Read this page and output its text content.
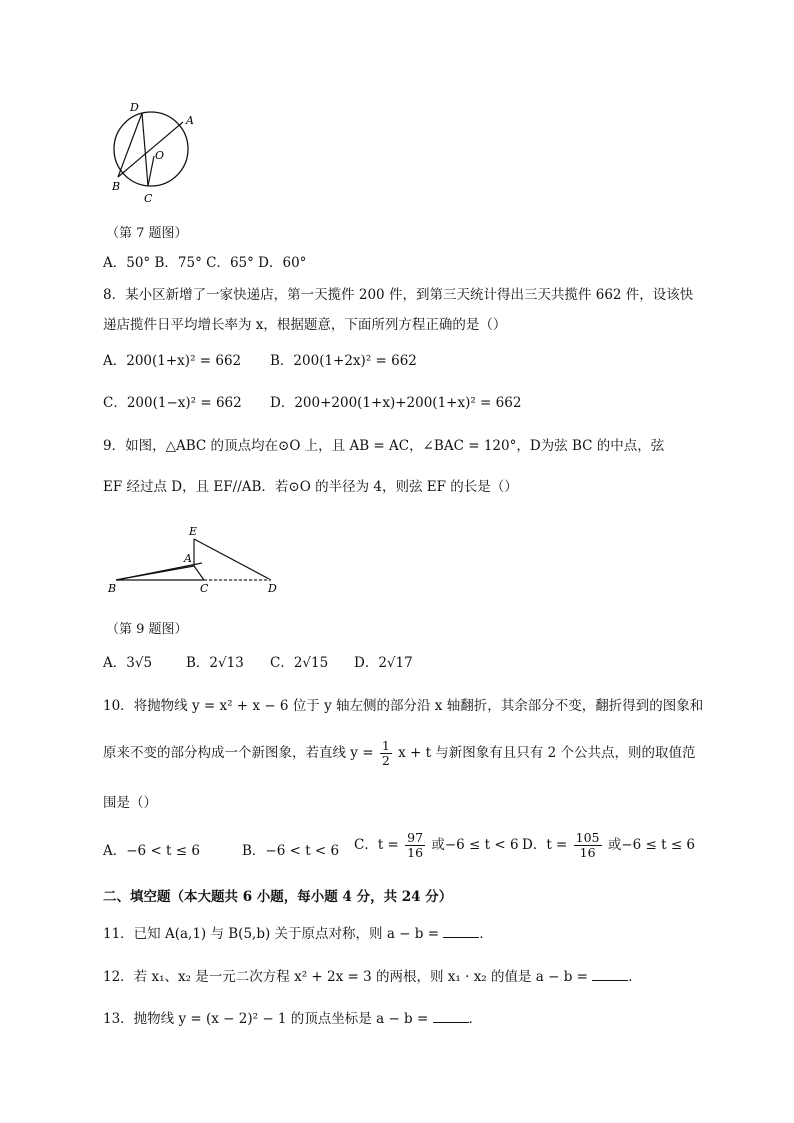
D
A
O
B
C
（第 7 题图）
A．50° B．75° C．65° D．60°
8．某小区新增了一家快递店，第一天揽件 200 件，到第三天统计得出三天共揽件 662 件，设该快
递店揽件日平均增长率为 x，根据题意，下面所列方程正确的是（）
A．200(1+x)² = 662 B．200(1+2x)² = 662
C．200(1−x)² = 662 D．200+200(1+x)+200(1+x)² = 662
9．如图，△ABC 的顶点均在⊙O 上，且 AB = AC，∠BAC = 120°，D为弦 BC 的中点，弦
EF 经过点 D，且 EF//AB．若⊙O 的半径为 4，则弦 EF 的长是（）
E
A
B	C	D
（第 9 题图）
A．3√5	B．2√13 C．2√15 D．2√17
10．将抛物线 y = x² + x − 6 位于 y 轴左侧的部分沿 x 轴翻折，其余部分不变，翻折得到的图象和
原来不变的部分构成一个新图象，若直线 $y = \frac{1}{2}$ x + t 与新图象有且只有 2 个公共点，则的取值范
围是（）
A．−6 < t ≤ 6	B．−6 < t < 6 C．$t = \frac{97}{16}$ 或−6 ≤ t < 6 D．$t = \frac{105}{16}$ 或−6 ≤ t ≤ 6
二、填空题（本大题共 6 小题，每小题 4 分，共 24 分）
11．已知 A(a,1) 与 B(5,b) 关于原点对称，则 a − b =	．
12．若 x₁、x₂ 是一元二次方程 x² + 2x = 3 的两根，则 x₁ · x₂ 的值是 a − b =	．
13．抛物线 y = (x − 2)² − 1 的顶点坐标是 a − b =	．
